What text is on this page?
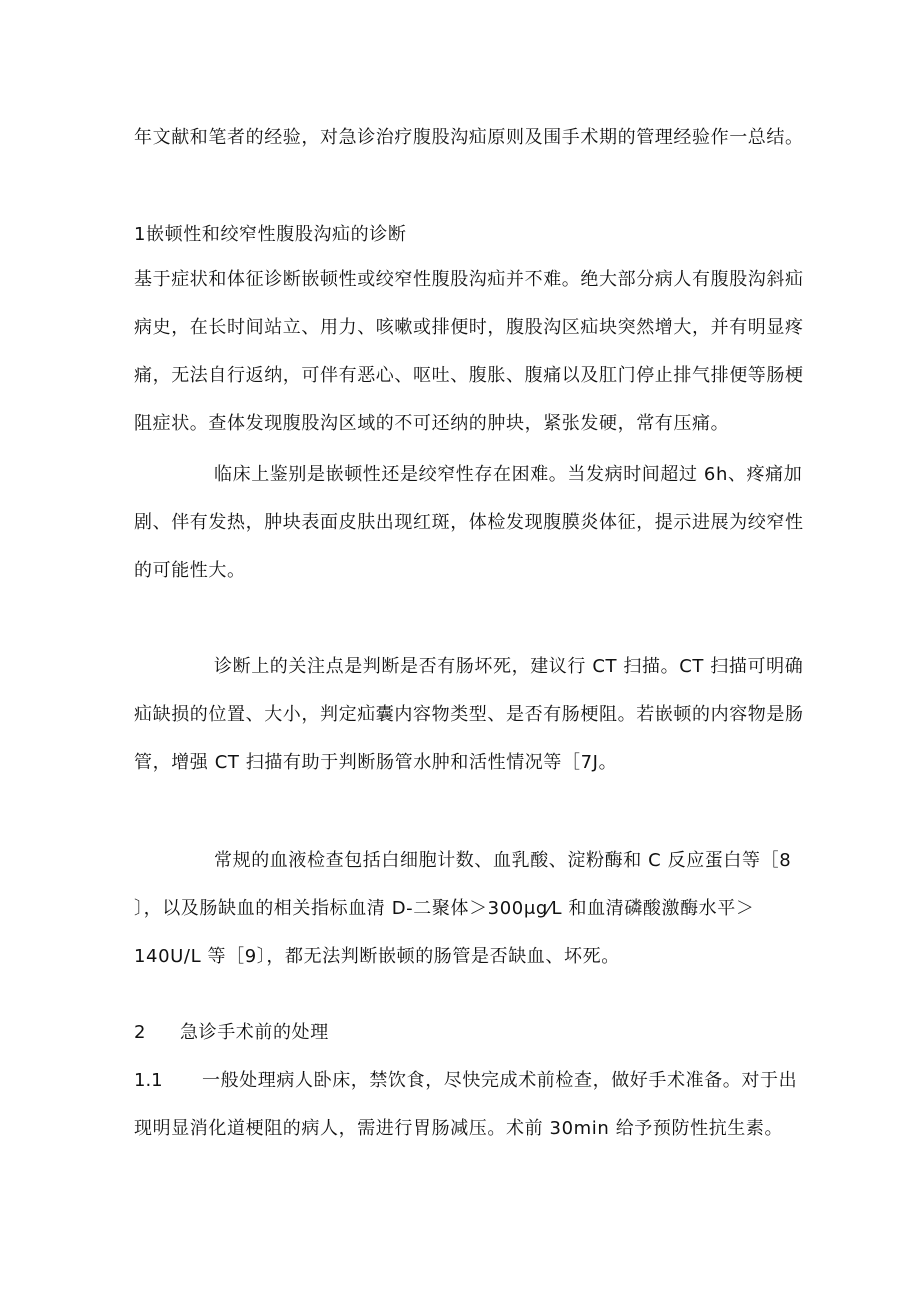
年文献和笔者的经验，对急诊治疗腹股沟疝原则及围手术期的管理经验作一总结。
1嵌顿性和绞窄性腹股沟疝的诊断
基于症状和体征诊断嵌顿性或绞窄性腹股沟疝并不难。绝大部分病人有腹股沟斜疝
病史，在长时间站立、用力、咳嗽或排便时，腹股沟区疝块突然增大，并有明显疼
痛，无法自行返纳，可伴有恶心、呕吐、腹胀、腹痛以及肛门停止排气排便等肠梗
阻症状。查体发现腹股沟区域的不可还纳的肿块，紧张发硬，常有压痛。
临床上鉴别是嵌顿性还是绞窄性存在困难。当发病时间超过 6h、疼痛加
剧、伴有发热，肿块表面皮肤出现红斑，体检发现腹膜炎体征，提示进展为绞窄性
的可能性大。
诊断上的关注点是判断是否有肠坏死，建议行 CT 扫描。CT 扫描可明确
疝缺损的位置、大小，判定疝囊内容物类型、是否有肠梗阻。若嵌顿的内容物是肠
管，增强 CT 扫描有助于判断肠管水肿和活性情况等［7J。
常规的血液检查包括白细胞计数、血乳酸、淀粉酶和 C 反应蛋白等［8
〕，以及肠缺血的相关指标血清 D-二聚体＞300μg⁄L 和血清磷酸激酶水平＞
140U/L 等［9〕，都无法判断嵌顿的肠管是否缺血、坏死。
2 急诊手术前的处理
1.1 一般处理病人卧床，禁饮食，尽快完成术前检查，做好手术准备。对于出
现明显消化道梗阻的病人，需进行胃肠减压。术前 30min 给予预防性抗生素。
